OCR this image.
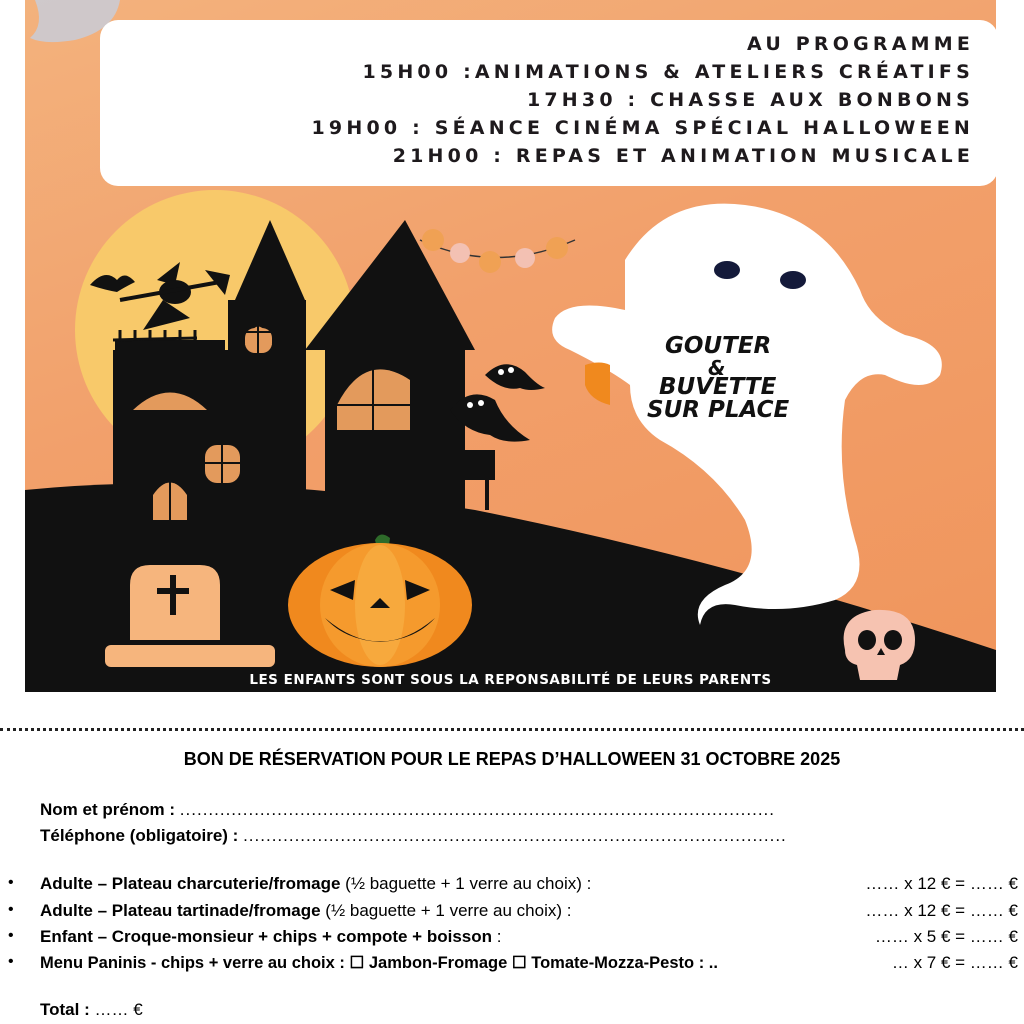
AU PROGRAMME
15H00 :ANIMATIONS & ATELIERS CRÉATIFS
17H30 : CHASSE AUX BONBONS
19H00 : SÉANCE CINÉMA SPÉCIAL HALLOWEEN
21H00 : REPAS ET ANIMATION MUSICALE
GOUTER
&
BUVETTE
SUR PLACE
LES ENFANTS SONT SOUS LA REPONSABILITÉ DE LEURS PARENTS
BON DE RÉSERVATION POUR LE REPAS D’HALLOWEEN 31 OCTOBRE 2025
Nom et prénom : ........................................................................................................
Téléphone (obligatoire) : ...............................................................................................
• Adulte – Plateau charcuterie/fromage (½ baguette + 1 verre au choix) :	…… x 12 € = …… €
• Adulte – Plateau tartinade/fromage (½ baguette + 1 verre au choix) :	…… x 12 € = …… €
• Enfant – Croque-monsieur + chips + compote + boisson :	…… x 5 € = …… €
• Menu Paninis - chips + verre au choix : ☐ Jambon-Fromage ☐ Tomate-Mozza-Pesto : ..	… x 7 € = …… €
Total : …… €
